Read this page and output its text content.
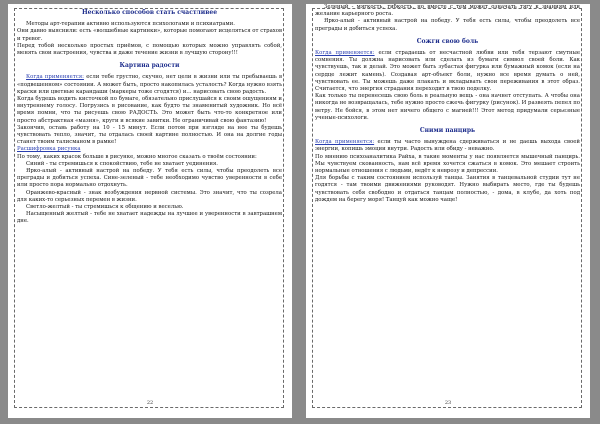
Несколько способов стать счастливее

Методы арт-терапии активно используются психологами и психиатрами.

Они давно выяснили: есть «волшебные картинки», которые помогают исцеляться от страхов и тревог.

Перед тобой несколько простых приёмов, с помощью которых можно управлять собой, менять свои настроения, чувства и даже течение жизни в лучшую сторону!!!

Картина радости

Когда применяется: если тебе грустно, скучно, нет цели в жизни или ты пребываешь в «подвешенном» состоянии. А может быть, просто накопилась усталость? Когда нужно взять краски или цветные карандаши (маркеры тоже сгодятся) и... нарисовать свою радость.

Когда будешь водить кисточкой по бумаге, обязательно прислушайся к своим ощущениям и внутреннему голосу. Погрузись в рисование, как будто ты знаменитый художник. Но всё время помни, что ты рисуешь свою РАДОСТЬ. Это может быть что-то конкретное или просто абстрактная «мазня», круги и всякие завитки. Не ограничивай свою фантазию!

Закончив, оставь работу на 10 - 15 минут. Если потом при взгляде на нее ты будешь чувствовать тепло, значит, ты отдалась своей картине полностью. И она на долгие годы станет твоим талисманом в рамке!

Расшифровка рисунка

По тому, каких красок больше в рисунке, можно многое сказать о твоём состоянии:

Синий - ты стремишься к спокойствию, тебе не хватает уединения.

Ярко-алый - активный настрой на победу. У тебя есть силы, чтобы преодолеть все преграды и добиться успеха. Сине-зеленый - тебе необходимо чувство уверенности в себе или просто пора нормально отдохнуть.

Оранжево-красный - знак возбуждения нервной системы. Это значит, что ты созрела для каких-то серьезных перемен в жизни.

Светло-желтый - ты стремишься к общению и веселью.

Насыщенный желтый - тебе не хватает надежды на лучшее и уверенности в завтрашнем дне.

22

Зеленый - мягкость, гибкость, но вместе с тем может означать тягу к знаниям или желание карьерного роста.

Ярко-алый - активный настрой на победу. У тебя есть силы, чтобы преодолеть все преграды и добиться успеха.

Сожги свою боль

Когда применяется: если страдаешь от несчастной любви или тебя терзают смутные сомнения. Ты должна нарисовать или сделать из бумаги символ своей боли. Как чувствуешь, так и делай. Это может быть зубастая фигурка или бумажный комок (если на сердце лежит камень). Создавая арт-объект боли, нужно все время думать о ней, чувствовать ее. Ты можешь даже плакать и вкладывать свои переживания в этот образ. Считается, что энергия страдания переходит в твою поделку.

Как только ты перенесешь свою боль в реальную вещь - она начнет отступать. А чтобы она никогда не возвращалась, тебе нужно просто сжечь фигурку (рисунок). И развеять пепел по ветру. Не бойся, в этом нет ничего общего с магией!!! Этот метод придумали серьезные ученые-психологи.

Сними панцирь

Когда применяется: если ты часто вынуждена сдерживаться и не даешь выхода своей энергии, копишь эмоции внутри. Радость или обиду - неважно.

По мнению психоаналитика Райха, в такие моменты у нас появляется мышечный панцирь. Мы чувствуем скованность, нам всё время хочется сжаться в комок. Это мешает строить нормальные отношения с людьми, ведёт к неврозу и депрессии.

Для борьбы с таким состоянием используй танцы. Занятия в танцевальной студии тут не годятся - там твоими движениями руководят. Нужно выбирать место, где ты будешь чувствовать себя свободно и отдаться танцам полностью, - дома, в клубе, да хоть под дождем на берегу моря! Танцуй как можно чаще!

23
